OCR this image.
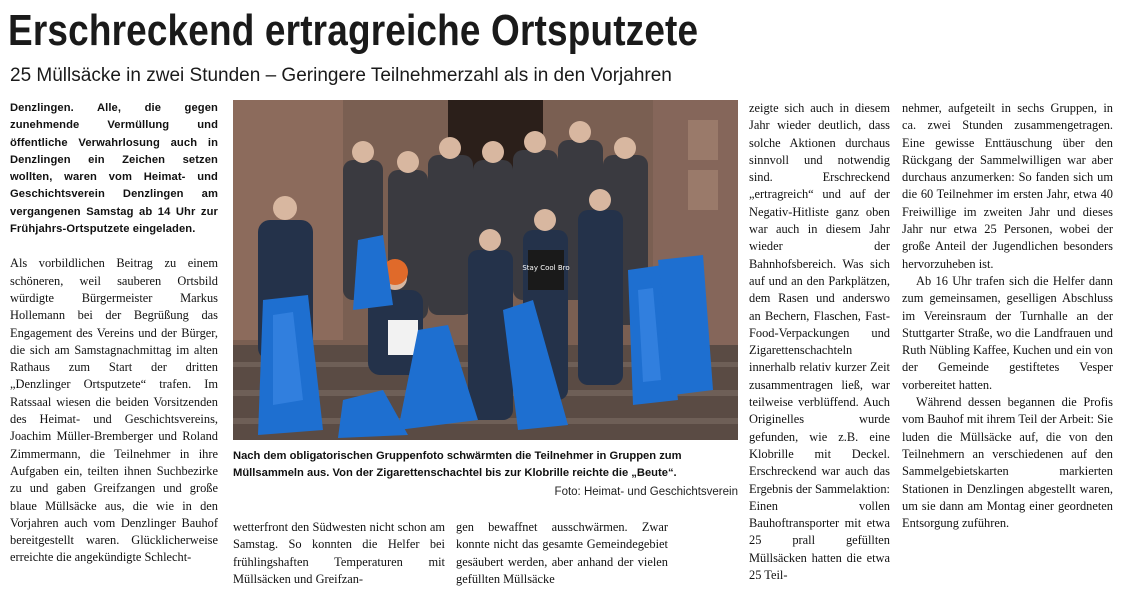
Erschreckend ertragreiche Ortsputzete
25 Müllsäcke in zwei Stunden – Geringere Teilnehmerzahl als in den Vorjahren

Denzlingen. Alle, die gegen zunehmende Vermüllung und öffentliche Verwahrlosung auch in Denzlingen ein Zeichen setzen wollten, waren vom Heimat- und Geschichtsverein Denzlingen am vergangenen Samstag ab 14 Uhr zur Frühjahrs-Ortsputzete eingeladen.

Als vorbildlichen Beitrag zu einem schöneren, weil sauberen Ortsbild würdigte Bürgermeister Markus Hollemann bei der Begrüßung das Engagement des Vereins und der Bürger, die sich am Samstagnachmittag im alten Rathaus zum Start der dritten „Denzlinger Ortsputzete“ trafen. Im Ratssaal wiesen die beiden Vorsitzenden des Heimat- und Geschichtsvereins, Joachim Müller-Bremberger und Roland Zimmermann, die Teilnehmer in ihre Aufgaben ein, teilten ihnen Suchbezirke zu und gaben Greifzangen und große blaue Müllsäcke aus, die wie in den Vorjahren auch vom Denzlinger Bauhof bereitgestellt waren. Glücklicherweise erreichte die angekündigte Schlecht-

Stay Cool Bro
Nach dem obligatorischen Gruppenfoto schwärmten die Teilnehmer in Gruppen zum Müllsammeln aus. Von der Zigarettenschachtel bis zur Klobrille reichte die „Beute“.
Foto: Heimat- und Geschichtsverein

wetterfront den Südwesten nicht schon am Samstag. So konnten die Helfer bei frühlingshaften Temperaturen mit Müllsäcken und Greifzan-

gen bewaffnet ausschwärmen. Zwar konnte nicht das gesamte Gemeindegebiet gesäubert werden, aber anhand der vielen gefüllten Müllsäcke

zeigte sich auch in diesem Jahr wieder deutlich, dass solche Aktionen durchaus sinnvoll und notwendig sind. Erschreckend „ertragreich“ und auf der Negativ-Hitliste ganz oben war auch in diesem Jahr wieder der Bahnhofsbereich. Was sich auf und an den Parkplätzen, dem Rasen und anderswo an Bechern, Flaschen, Fast-Food-Verpackungen und Zigarettenschachteln innerhalb relativ kurzer Zeit zusammentragen ließ, war teilweise verblüffend. Auch Originelles wurde gefunden, wie z.B. eine Klobrille mit Deckel. Erschreckend war auch das Ergebnis der Sammelaktion: Einen vollen Bauhoftransporter mit etwa 25 prall gefüllten Müllsäcken hatten die etwa 25 Teil-

nehmer, aufgeteilt in sechs Gruppen, in ca. zwei Stunden zusammengetragen. Eine gewisse Enttäuschung über den Rückgang der Sammelwilligen war aber durchaus anzumerken: So fanden sich um die 60 Teilnehmer im ersten Jahr, etwa 40 Freiwillige im zweiten Jahr und dieses Jahr nur etwa 25 Personen, wobei der große Anteil der Jugendlichen besonders hervorzuheben ist.

Ab 16 Uhr trafen sich die Helfer dann zum gemeinsamen, geselligen Abschluss im Vereinsraum der Turnhalle an der Stuttgarter Straße, wo die Landfrauen und Ruth Nübling Kaffee, Kuchen und ein von der Gemeinde gestiftetes Vesper vorbereitet hatten.

Während dessen begannen die Profis vom Bauhof mit ihrem Teil der Arbeit: Sie luden die Müllsäcke auf, die von den Teilnehmern an verschiedenen auf den Sammelgebietskarten markierten Stationen in Denzlingen abgestellt waren, um sie dann am Montag einer geordneten Entsorgung zuführen.
